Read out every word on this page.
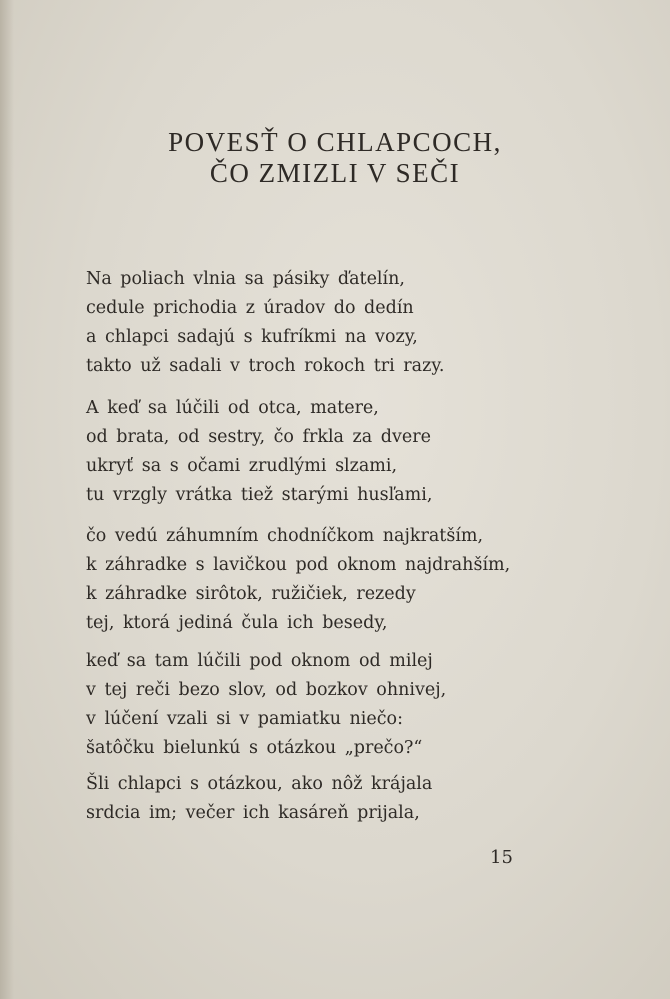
POVESŤ O CHLAPCOCH,
ČO ZMIZLI V SEČI
Na poliach vlnia sa pásiky ďatelín,
cedule prichodia z úradov do dedín
a chlapci sadajú s kufríkmi na vozy,
takto už sadali v troch rokoch tri razy.
A keď sa lúčili od otca, matere,
od brata, od sestry, čo frkla za dvere
ukryť sa s očami zrudlými slzami,
tu vrzgly vrátka tiež starými husľami,
čo vedú záhumním chodníčkom najkratším,
k záhradke s lavičkou pod oknom najdrahším,
k záhradke sirôtok, ružičiek, rezedy
tej, ktorá jediná čula ich besedy,
keď sa tam lúčili pod oknom od milej
v tej reči bezo slov, od bozkov ohnivej,
v lúčení vzali si v pamiatku niečo:
šatôčku bielunkú s otázkou „prečo?“
Šli chlapci s otázkou, ako nôž krájala
srdcia im; večer ich kasáreň prijala,
15
